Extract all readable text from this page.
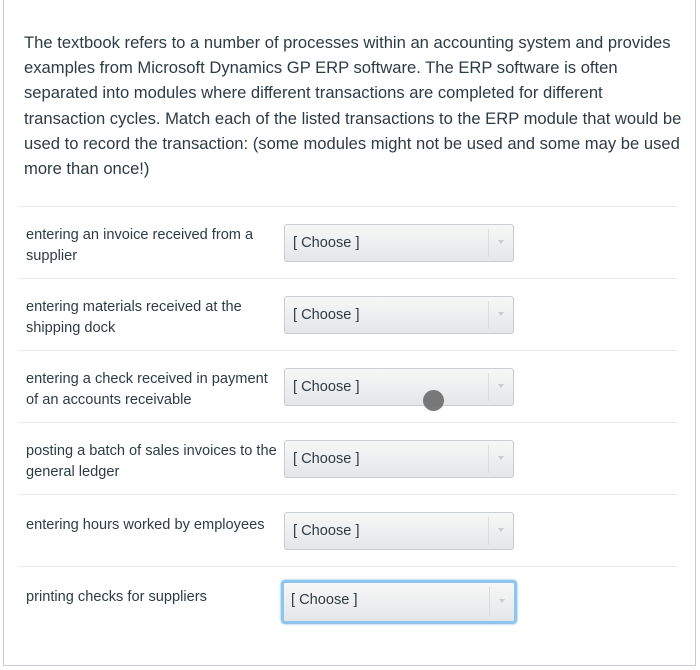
The textbook refers to a number of processes within an accounting system and provides examples from Microsoft Dynamics GP ERP software. The ERP software is often separated into modules where different transactions are completed for different transaction cycles. Match each of the listed transactions to the ERP module that would be used to record the transaction: (some modules might not be used and some may be used more than once!)

entering an invoice received from a supplier
[ Choose ]
entering materials received at the shipping dock
[ Choose ]
entering a check received in payment of an accounts receivable
[ Choose ]
posting a batch of sales invoices to the general ledger
[ Choose ]
entering hours worked by employees	[ Choose ]
printing checks for suppliers	[ Choose ]
